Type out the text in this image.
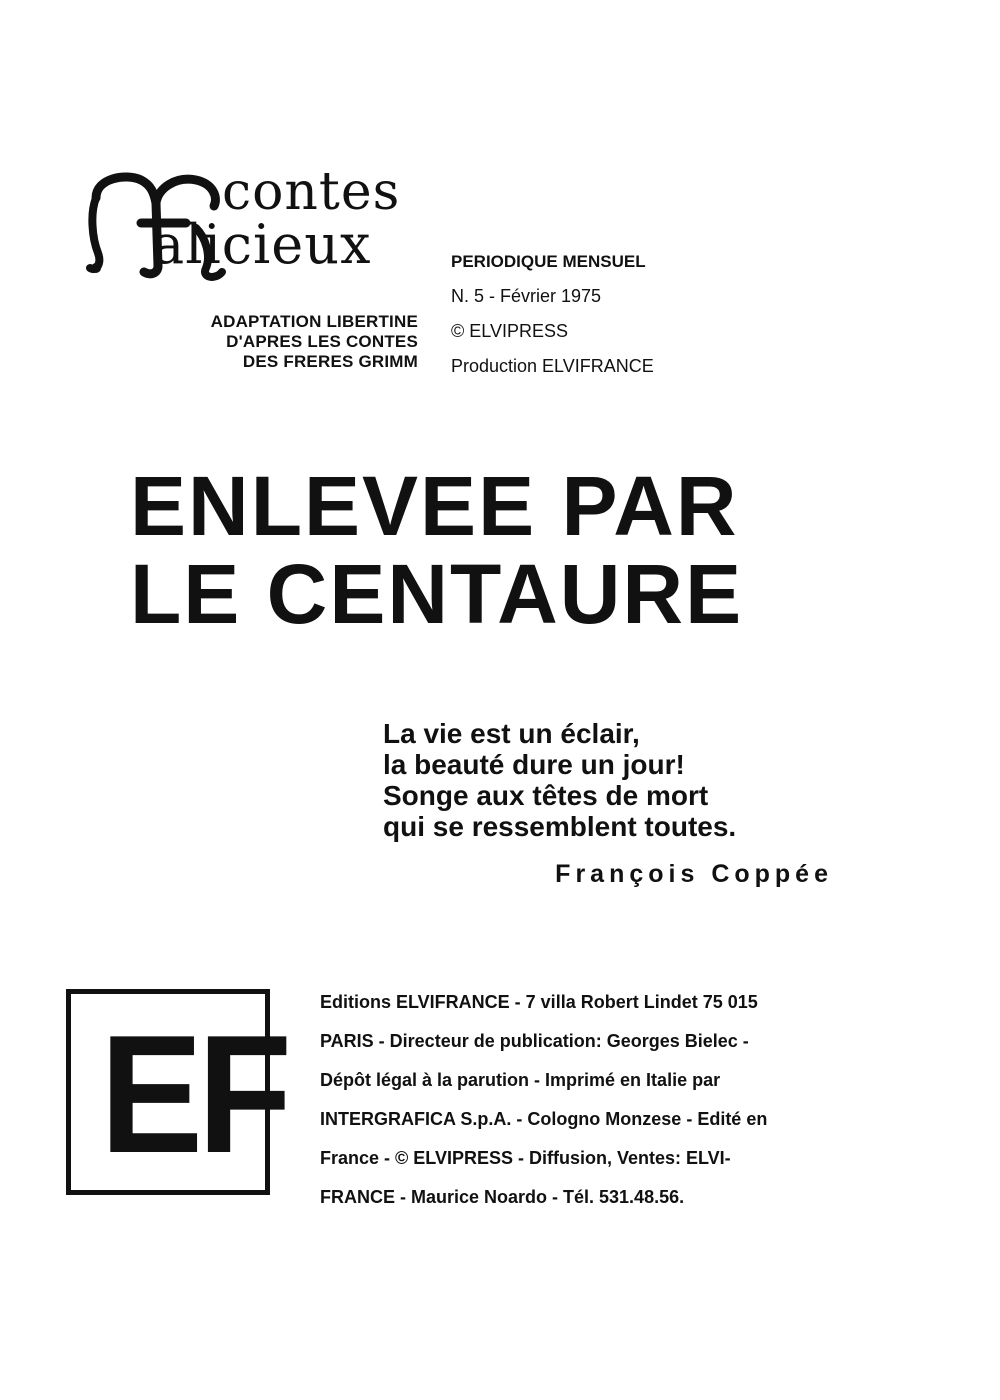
contes
alicieux
ADAPTATION LIBERTINE
D'APRES LES CONTES
DES FRERES GRIMM
PERIODIQUE MENSUEL
N. 5 - Février 1975
© ELVIPRESS
Production ELVIFRANCE
ENLEVEE PAR
LE CENTAURE
La vie est un éclair,
la beauté dure un jour!
Songe aux têtes de mort
qui se ressemblent toutes.
François Coppée
EF Editions ELVIFRANCE - 7 villa Robert Lindet 75 015
PARIS - Directeur de publication: Georges Bielec -
Dépôt légal à la parution - Imprimé en Italie par
INTERGRAFICA S.p.A. - Cologno Monzese - Edité en
France - © ELVIPRESS - Diffusion, Ventes: ELVI-
FRANCE - Maurice Noardo - Tél. 531.48.56.
